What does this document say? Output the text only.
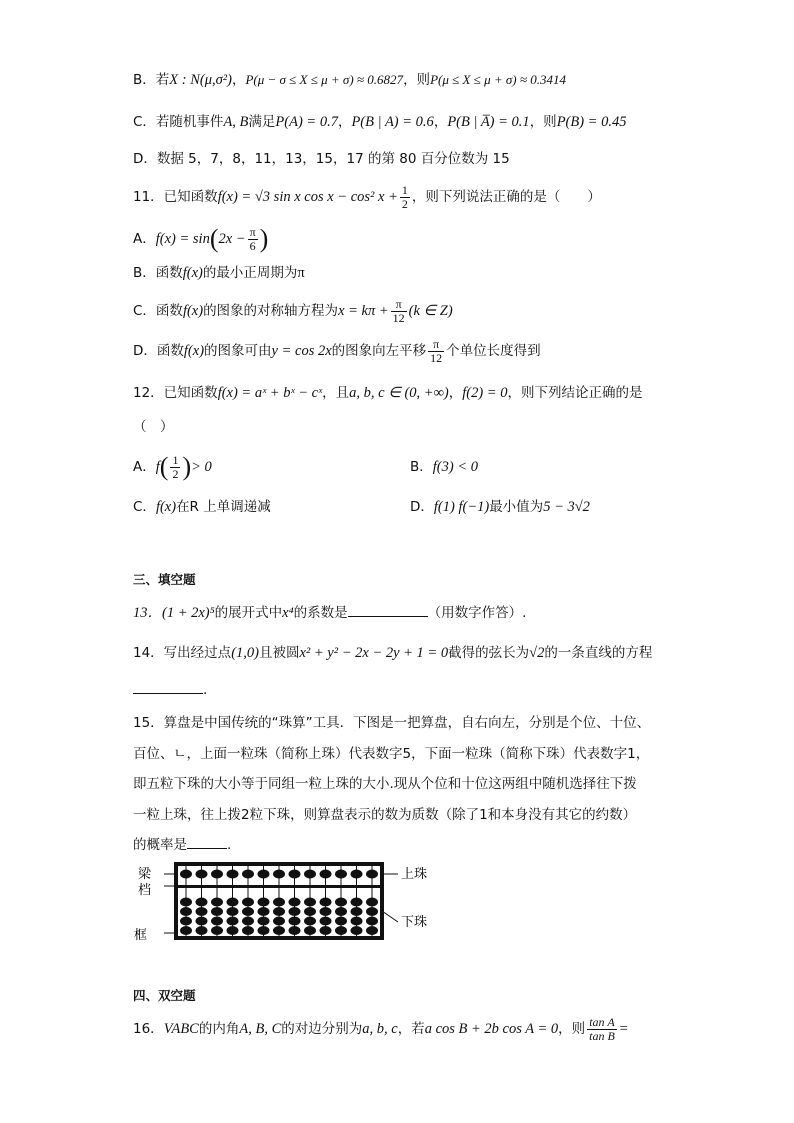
B．若X : N(μ,σ²)，P(μ − σ ≤ X ≤ μ + σ) ≈ 0.6827，则P(μ ≤ X ≤ μ + σ) ≈ 0.3414
C．若随机事件A, B满足P(A) = 0.7，P(B | A) = 0.6，P(B | A̅) = 0.1，则P(B) = 0.45
D．数据 5，7，8，11，13，15，17 的第 80 百分位数为 15
11．已知函数f(x) = √3 sin x cos x − cos² $x + \frac{1}{2}$ ，则下列说法正确的是（　　）
A．$f(x) = \sin(2x - \frac{\pi}{6}$ )
B．函数f(x)的最小正周期为π
C．函数f(x)的图象的对称轴方程为$x = k\pi + \frac{\pi}{12} (k$ ∈ Z)
D．函数f(x)的图象可由y = cos 2x的图象向左平移 $\frac{\pi}{12}$ 个单位长度得到
12．已知函数f(x) = aˣ + bˣ − cˣ，且a, b, c ∈ (0, +∞)，f(2) = 0，则下列结论正确的是
（　）
A．$f( \frac{1}{2}$ )> 0	B．f(3) < 0
C．f(x)在R 上单调递减	D．f(1) f(−1)最小值为5 − 3√2
三、填空题
13．(1 + 2x)⁵的展开式中x⁴的系数是	（用数字作答）.
14．写出经过点(1,0)且被圆x² + y² − 2x − 2y + 1 = 0截得的弦长为√2的一条直线的方程
.
15．算盘是中国传统的“珠算”工具．下图是一把算盘，自右向左，分别是个位、十位、
百位、ㄴ，上面一粒珠（简称上珠）代表数字5，下面一粒珠（简称下珠）代表数字1，
即五粒下珠的大小等于同组一粒上珠的大小.现从个位和十位这两组中随机选择往下拨
一粒上珠，往上拨2粒下珠，则算盘表示的数为质数（除了1和本身没有其它的约数）
的概率是	.
梁
档
框
上珠
下珠
四、双空题
16．VABC的内角A, B, C的对边分别为a, b, c，若a cos B + 2b cos A = 0，则 $\frac{\text{tan A}}{\text{tan B}}$ =
